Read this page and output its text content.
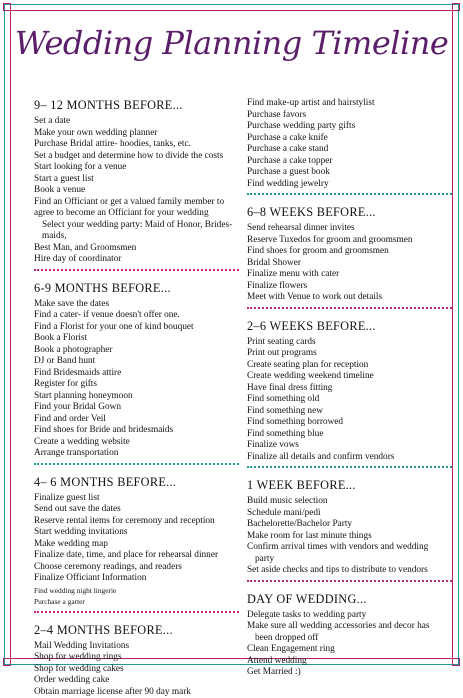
Wedding Planning Timeline
9– 12 MONTHS BEFORE...
Set a date
Make your own wedding planner
Purchase Bridal attire- hoodies, tanks, etc.
Set a budget and determine how to divide the costs
Start looking for a venue
Start a guest list
Book a venue
Find an Officiant or get a valued family member to
agree to become an Officiant for your wedding
Select your wedding party: Maid of Honor, Brides-
maids,
Best Man, and Groomsmen
Hire day of coordinator
6-9 MONTHS BEFORE...
Make save the dates
Find a cater- if venue doesn't offer one.
Find a Florist for your one of kind bouquet
Book a Florist
Book a photographer
DJ or Band hunt
Find Bridesmaids attire
Register for gifts
Start planning honeymoon
Find your Bridal Gown
Find and order Veil
Find shoes for Bride and bridesmaids
Create a wedding website
Arrange transportation
4– 6 MONTHS BEFORE...
Finalize guest list
Send out save the dates
Reserve rental items for ceremony and reception
Start wedding invitations
Make wedding map
Finalize date, time, and place for rehearsal dinner
Choose ceremony readings, and readers
Finalize Officiant Information
Find wedding night lingerie
Purchase a garter
2–4 MONTHS BEFORE...
Mail Wedding Invitations
Shop for wedding rings
Shop for wedding cakes
Order wedding cake
Obtain marriage license after 90 day mark
Find make-up artist and hairstylist
Purchase favors
Purchase wedding party gifts
Purchase a cake knife
Purchase a cake stand
Purchase a cake topper
Purchase a guest book
Find wedding jewelry
6–8 WEEKS BEFORE...
Send rehearsal dinner invites
Reserve Tuxedos for groom and groomsmen
Find shoes for groom and groomsmen
Bridal Shower
Finalize menu with cater
Finalize flowers
Meet with Venue to work out details
2–6 WEEKS BEFORE...
Print seating cards
Print out programs
Create seating plan for reception
Create wedding weekend timeline
Have final dress fitting
Find something old
Find something new
Find something borrowed
Find something blue
Finalize vows
Finalize all details and confirm vendors
1 WEEK BEFORE...
Build music selection
Schedule mani/pedi
Bachelorette/Bachelor Party
Make room for last minute things
Confirm arrival times with vendors and wedding
party
Set aside checks and tips to distribute to vendors
DAY OF WEDDING...
Delegate tasks to wedding party
Make sure all wedding accessories and decor has
been dropped off
Clean Engagement ring
Attend wedding
Get Married :)
